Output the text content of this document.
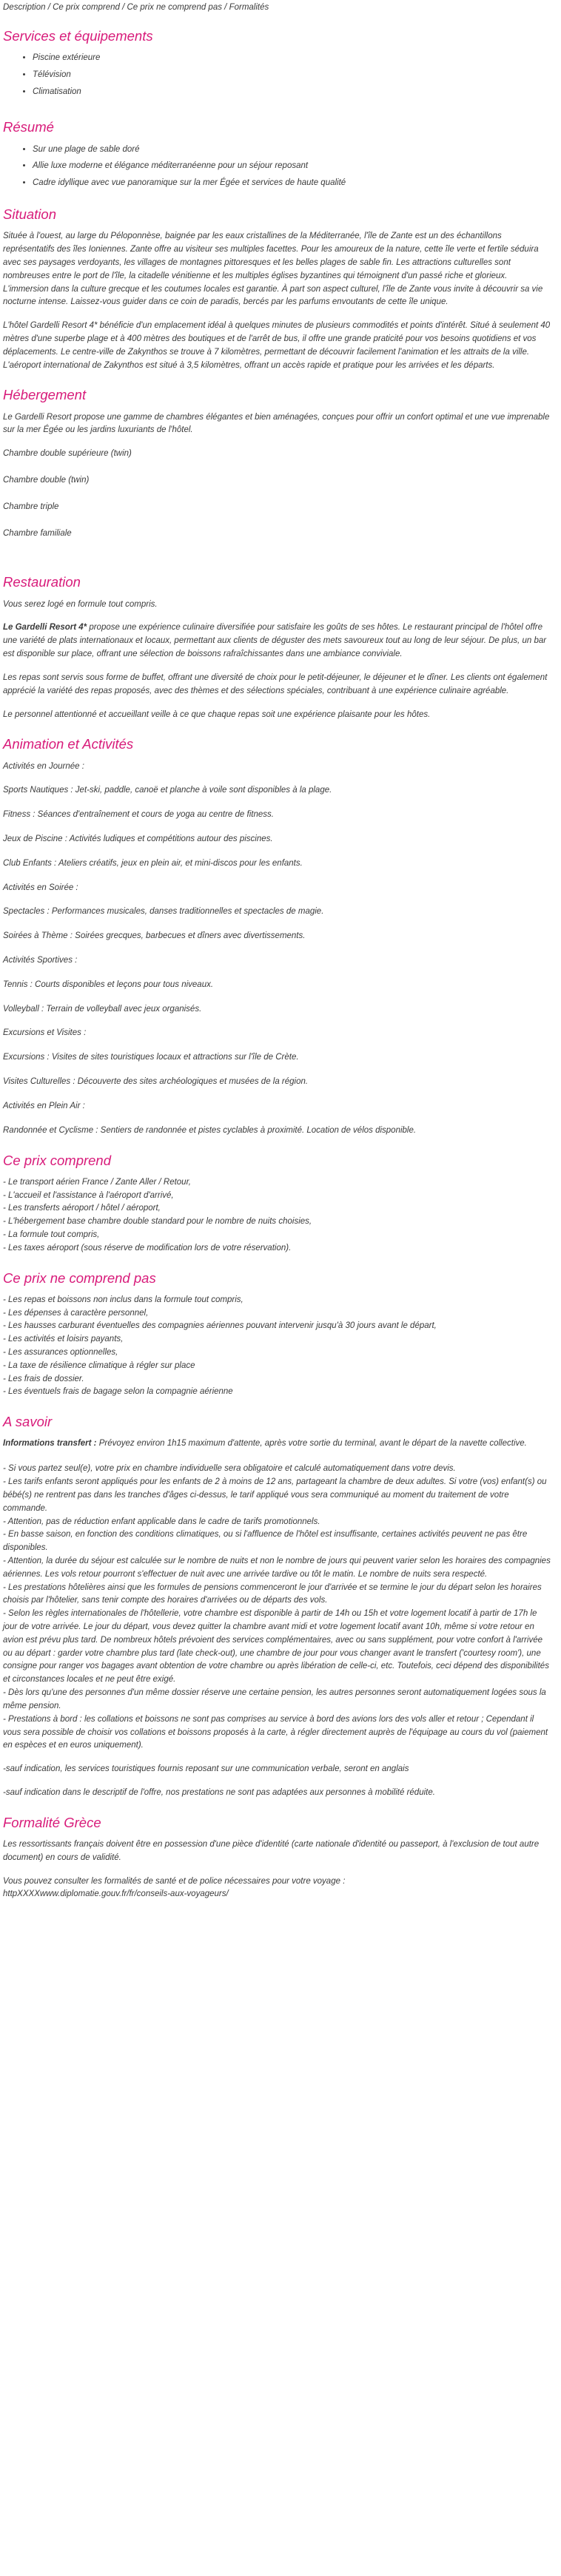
Description / Ce prix comprend / Ce prix ne comprend pas / Formalités
Services et équipements
• Piscine extérieure
• Télévision
• Climatisation
Résumé
• Sur une plage de sable doré
• Allie luxe moderne et élégance méditerranéenne pour un séjour reposant
• Cadre idyllique avec vue panoramique sur la mer Égée et services de haute qualité
Situation

Située à l'ouest, au large du Péloponnèse, baignée par les eaux cristallines de la Méditerranée, l'île de Zante est un des échantillons représentatifs des îles Ioniennes. Zante offre au visiteur ses multiples facettes. Pour les amoureux de la nature, cette île verte et fertile séduira avec ses paysages verdoyants, les villages de montagnes pittoresques et les belles plages de sable fin. Les attractions culturelles sont nombreuses entre le port de l'île, la citadelle vénitienne et les multiples églises byzantines qui témoignent d'un passé riche et glorieux. L'immersion dans la culture grecque et les coutumes locales est garantie. À part son aspect culturel, l'île de Zante vous invite à découvrir sa vie nocturne intense. Laissez-vous guider dans ce coin de paradis, bercés par les parfums envoutants de cette île unique.

L'hôtel Gardelli Resort 4* bénéficie d'un emplacement idéal à quelques minutes de plusieurs commodités et points d'intérêt. Situé à seulement 40 mètres d'une superbe plage et à 400 mètres des boutiques et de l'arrêt de bus, il offre une grande praticité pour vos besoins quotidiens et vos déplacements. Le centre-ville de Zakynthos se trouve à 7 kilomètres, permettant de découvrir facilement l'animation et les attraits de la ville. L'aéroport international de Zakynthos est situé à 3,5 kilomètres, offrant un accès rapide et pratique pour les arrivées et les départs.

Hébergement

Le Gardelli Resort propose une gamme de chambres élégantes et bien aménagées, conçues pour offrir un confort optimal et une vue imprenable sur la mer Égée ou les jardins luxuriants de l'hôtel.

Chambre double supérieure (twin)

Chambre double (twin)

Chambre triple

Chambre familiale

Restauration

Vous serez logé en formule tout compris.

Le Gardelli Resort 4* propose une expérience culinaire diversifiée pour satisfaire les goûts de ses hôtes. Le restaurant principal de l'hôtel offre une variété de plats internationaux et locaux, permettant aux clients de déguster des mets savoureux tout au long de leur séjour. De plus, un bar est disponible sur place, offrant une sélection de boissons rafraîchissantes dans une ambiance conviviale.

Les repas sont servis sous forme de buffet, offrant une diversité de choix pour le petit-déjeuner, le déjeuner et le dîner. Les clients ont également apprécié la variété des repas proposés, avec des thèmes et des sélections spéciales, contribuant à une expérience culinaire agréable.

Le personnel attentionné et accueillant veille à ce que chaque repas soit une expérience plaisante pour les hôtes.

Animation et Activités

Activités en Journée :

Sports Nautiques : Jet-ski, paddle, canoë et planche à voile sont disponibles à la plage.

Fitness : Séances d'entraînement et cours de yoga au centre de fitness.

Jeux de Piscine : Activités ludiques et compétitions autour des piscines.

Club Enfants : Ateliers créatifs, jeux en plein air, et mini-discos pour les enfants.

Activités en Soirée :

Spectacles : Performances musicales, danses traditionnelles et spectacles de magie.

Soirées à Thème : Soirées grecques, barbecues et dîners avec divertissements.

Activités Sportives :

Tennis : Courts disponibles et leçons pour tous niveaux.

Volleyball : Terrain de volleyball avec jeux organisés.

Excursions et Visites :

Excursions : Visites de sites touristiques locaux et attractions sur l'île de Crète.

Visites Culturelles : Découverte des sites archéologiques et musées de la région.

Activités en Plein Air :

Randonnée et Cyclisme : Sentiers de randonnée et pistes cyclables à proximité. Location de vélos disponible.

Ce prix comprend
- Le transport aérien France / Zante Aller / Retour,
- L'accueil et l'assistance à l'aéroport d'arrivé,
- Les transferts aéroport / hôtel / aéroport,
- L'hébergement base chambre double standard pour le nombre de nuits choisies,
- La formule tout compris,
- Les taxes aéroport (sous réserve de modification lors de votre réservation).
Ce prix ne comprend pas
- Les repas et boissons non inclus dans la formule tout compris,
- Les dépenses à caractère personnel,
- Les hausses carburant éventuelles des compagnies aériennes pouvant intervenir jusqu'à 30 jours avant le départ,
- Les activités et loisirs payants,
- Les assurances optionnelles,
- La taxe de résilience climatique à régler sur place
- Les frais de dossier.
- Les éventuels frais de bagage selon la compagnie aérienne
A savoir

Informations transfert : Prévoyez environ 1h15 maximum d'attente, après votre sortie du terminal, avant le départ de la navette collective.

- Si vous partez seul(e), votre prix en chambre individuelle sera obligatoire et calculé automatiquement dans votre devis.
- Les tarifs enfants seront appliqués pour les enfants de 2 à moins de 12 ans, partageant la chambre de deux adultes. Si votre (vos) enfant(s) ou bébé(s) ne rentrent pas dans les tranches d'âges ci-dessus, le tarif appliqué vous sera communiqué au moment du traitement de votre commande.
- Attention, pas de réduction enfant applicable dans le cadre de tarifs promotionnels.
- En basse saison, en fonction des conditions climatiques, ou si l'affluence de l'hôtel est insuffisante, certaines activités peuvent ne pas être disponibles.
- Attention, la durée du séjour est calculée sur le nombre de nuits et non le nombre de jours qui peuvent varier selon les horaires des compagnies aériennes. Les vols retour pourront s'effectuer de nuit avec une arrivée tardive ou tôt le matin. Le nombre de nuits sera respecté.
- Les prestations hôtelières ainsi que les formules de pensions commenceront le jour d'arrivée et se termine le jour du départ selon les horaires choisis par l'hôtelier, sans tenir compte des horaires d'arrivées ou de départs des vols.
- Selon les règles internationales de l'hôtellerie, votre chambre est disponible à partir de 14h ou 15h et votre logement locatif à partir de 17h le jour de votre arrivée. Le jour du départ, vous devez quitter la chambre avant midi et votre logement locatif avant 10h, même si votre retour en avion est prévu plus tard. De nombreux hôtels prévoient des services complémentaires, avec ou sans supplément, pour votre confort à l'arrivée ou au départ : garder votre chambre plus tard (late check-out), une chambre de jour pour vous changer avant le transfert ('courtesy room'), une consigne pour ranger vos bagages avant obtention de votre chambre ou après libération de celle-ci, etc. Toutefois, ceci dépend des disponibilités et circonstances locales et ne peut être exigé.
- Dès lors qu'une des personnes d'un même dossier réserve une certaine pension, les autres personnes seront automatiquement logées sous la même pension.
- Prestations à bord : les collations et boissons ne sont pas comprises au service à bord des avions lors des vols aller et retour ; Cependant il vous sera possible de choisir vos collations et boissons proposés à la carte, à régler directement auprès de l'équipage au cours du vol (paiement en espèces et en euros uniquement).

-sauf indication, les services touristiques fournis reposant sur une communication verbale, seront en anglais

-sauf indication dans le descriptif de l'offre, nos prestations ne sont pas adaptées aux personnes à mobilité réduite.

Formalité Grèce

Les ressortissants français doivent être en possession d'une pièce d'identité (carte nationale d'identité ou passeport, à l'exclusion de tout autre document) en cours de validité.

Vous pouvez consulter les formalités de santé et de police nécessaires pour votre voyage :
httpXXXXwww.diplomatie.gouv.fr/fr/conseils-aux-voyageurs/
